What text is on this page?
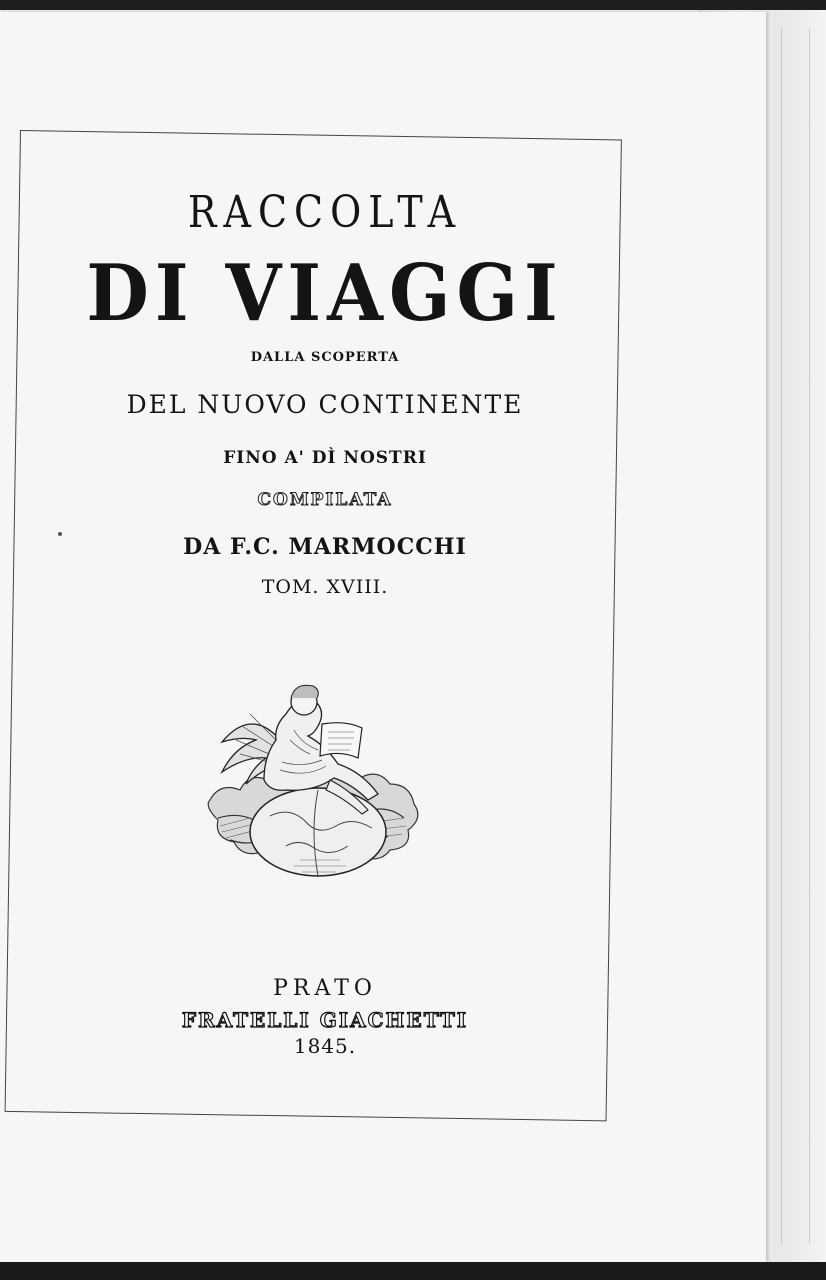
RACCOLTA
DI VIAGGI
DALLA SCOPERTA
DEL NUOVO CONTINENTE
FINO A' DÌ NOSTRI
COMPILATA
DA F.C. MARMOCCHI
TOM. XVIII.
PRATO
FRATELLI GIACHETTI
1845.
